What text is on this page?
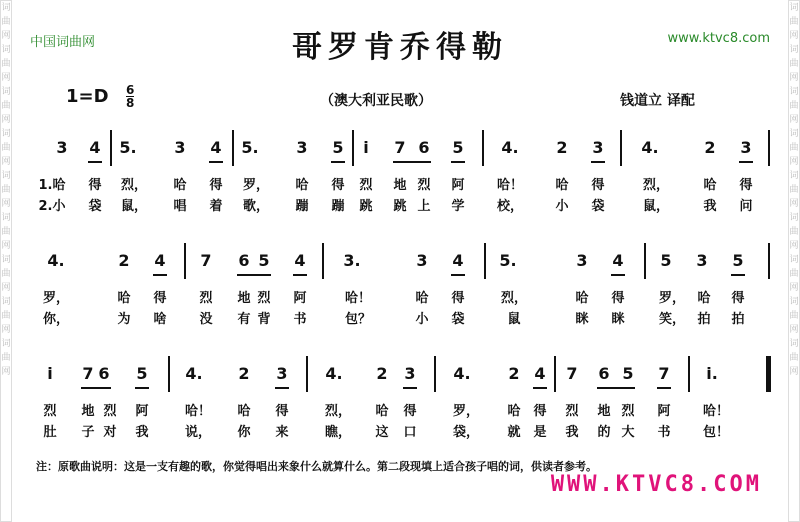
词曲网词曲网词曲网词曲网词曲网词曲网词曲网词曲网词曲网
词曲网词曲网词曲网词曲网词曲网词曲网词曲网词曲网词曲网
中国词曲网	www.ktvc8.com
哥罗肯乔得勒
$1=D \frac{6}{8}$	（澳大利亚民歌）	钱道立 译配
3 4 5. 3 4 5. 3 5 i 7 6 5 4. 2 3 4.	2 3
1.哈 得 烈， 哈 得 罗， 哈 得 烈 地 烈 阿 哈！ 哈 得	烈，	哈 得
2.小 袋 鼠， 唱 着 歌， 蹦 蹦 跳 跳 上 学 校， 小 袋	鼠，	我 问
4.	2 4 7 6 5 4 3.	3 4 5.	3 4 5 3 5
罗，	哈 得	烈 地 烈 阿	哈！	哈 得	烈，	哈 得	罗， 哈 得
你，	为 啥	没 有 背 书	包？	小 袋	鼠	眯 眯	笑， 拍 拍
i 7 6 5 4. 2 3 4. 2 3 4. 2 4 7 6 5 7 i.
烈 地 烈 阿	哈！ 哈 得	烈， 哈 得	罗， 哈 得 烈 地 烈 阿 哈！
肚 子 对 我	说， 你 来	瞧， 这 口	袋， 就 是 我 的 大 书 包！
注：原歌曲说明：这是一支有趣的歌，你觉得唱出来象什么就算什么。第二段现填上适合孩子唱的词，供读者参考。
WWW.KTVC8.COM
